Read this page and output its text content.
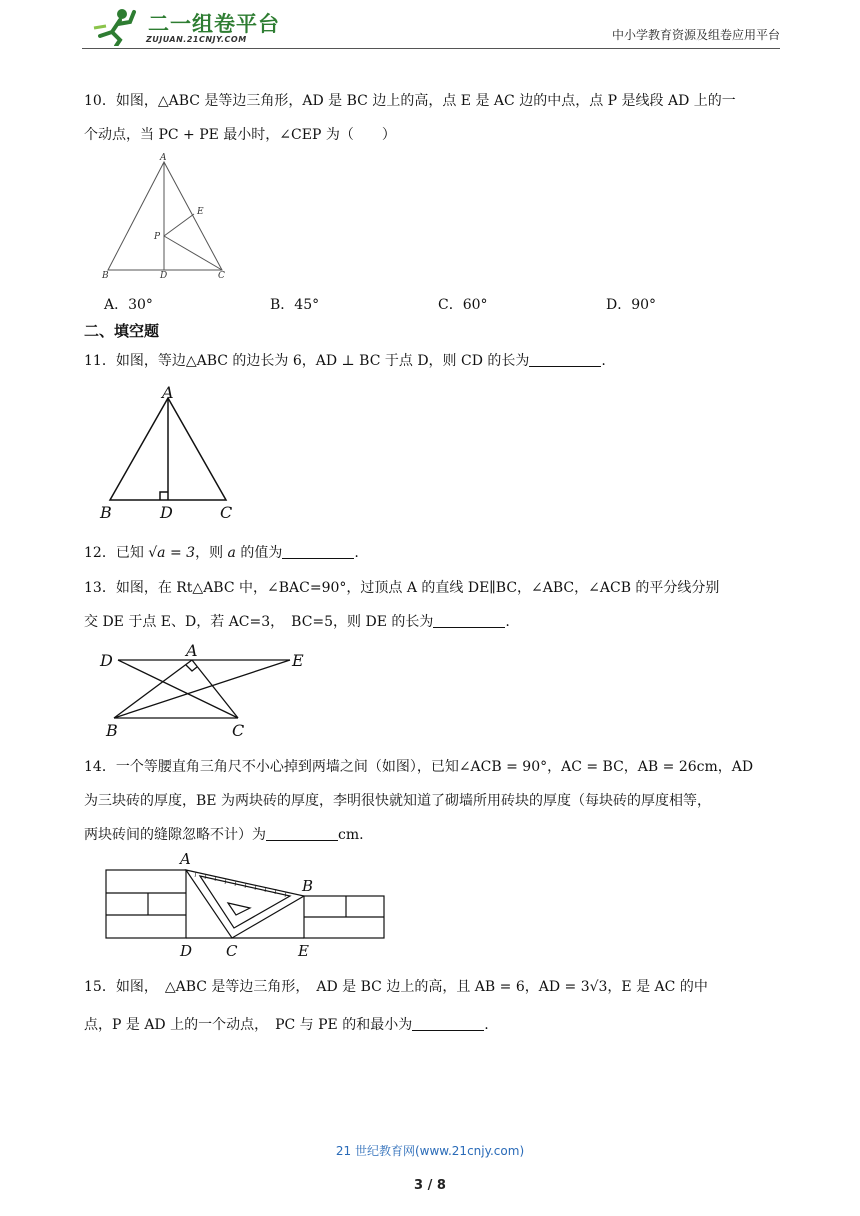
二一组卷平台
ZUJUAN.21CNJY.COM	中小学教育资源及组卷应用平台
10．如图，△ABC 是等边三角形，AD 是 BC 边上的高，点 E 是 AC 边的中点，点 P 是线段 AD 上的一
个动点，当 PC + PE 最小时，∠CEP 为（　　）
A
E
P
B	D	C
A．30°	B．45°	C．60°	D．90°
二、填空题
11．如图，等边△ABC 的边长为 6，AD ⊥ BC 于点 D，则 CD 的长为	.
A
B	D	C
12．已知 √a = 3，则 a 的值为	.
13．如图，在 Rt△ABC 中，∠BAC=90°，过顶点 A 的直线 DE∥BC，∠ABC，∠ACB 的平分线分别
交 DE 于点 E、D，若 AC=3，　BC=5，则 DE 的长为	.
D
A
E
B	C
14．一个等腰直角三角尺不小心掉到两墙之间（如图），已知∠ACB = 90°，AC = BC，AB = 26cm，AD
为三块砖的厚度，BE 为两块砖的厚度，李明很快就知道了砌墙所用砖块的厚度（每块砖的厚度相等，
两块砖间的缝隙忽略不计）为	cm.
A
B
D C	E
15．如图，　△ABC 是等边三角形，　AD 是 BC 边上的高，且 AB = 6，AD = 3√3，E 是 AC 的中
点，P 是 AD 上的一个动点，　PC 与 PE 的和最小为	.
21 世纪教育网(www.21cnjy.com)
3 / 8
